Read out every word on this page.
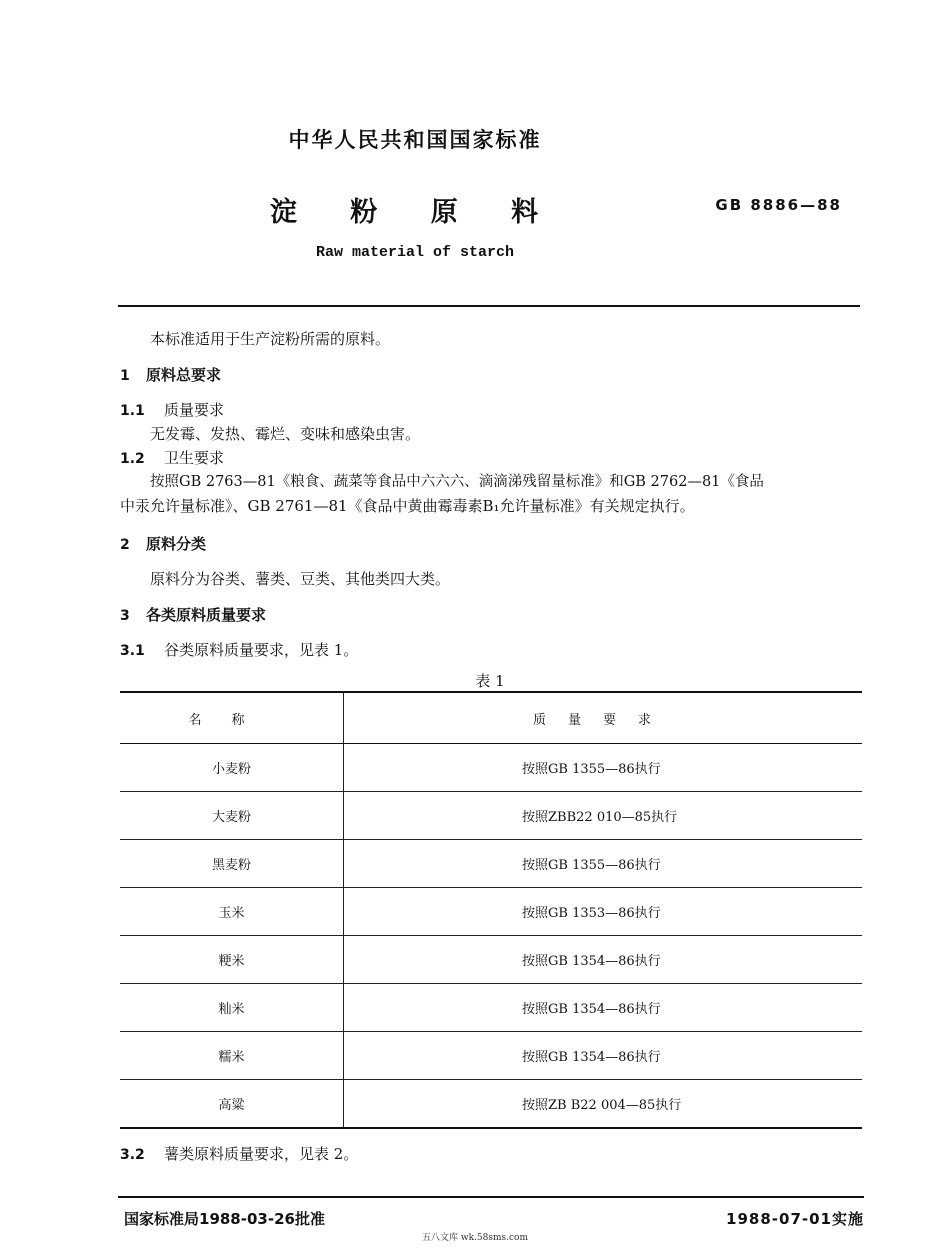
中华人民共和国国家标准
淀 粉 原 料	GB 8886—88
Raw material of starch
本标准适用于生产淀粉所需的原料。
1 原料总要求
1.1 质量要求
无发霉、发热、霉烂、变味和感染虫害。
1.2 卫生要求
按照GB 2763—81《粮食、蔬菜等食品中六六六、滴滴涕残留量标准》和GB 2762—81《食品
中汞允许量标准》、GB 2761—81《食品中黄曲霉毒素B₁允许量标准》有关规定执行。
2 原料分类
原料分为谷类、薯类、豆类、其他类四大类。
3 各类原料质量要求
3.1 谷类原料质量要求，见表 1。
表 1
名称	质量要求
小麦粉	按照GB 1355—86执行
大麦粉	按照ZBB22 010—85执行
黑麦粉	按照GB 1355—86执行
玉米	按照GB 1353—86执行
粳米	按照GB 1354—86执行
籼米	按照GB 1354—86执行
糯米	按照GB 1354—86执行
高粱	按照ZB B22 004—85执行
3.2 薯类原料质量要求，见表 2。
国家标准局1988-03-26批准	1988-07-01实施
五八文库 wk.58sms.com
